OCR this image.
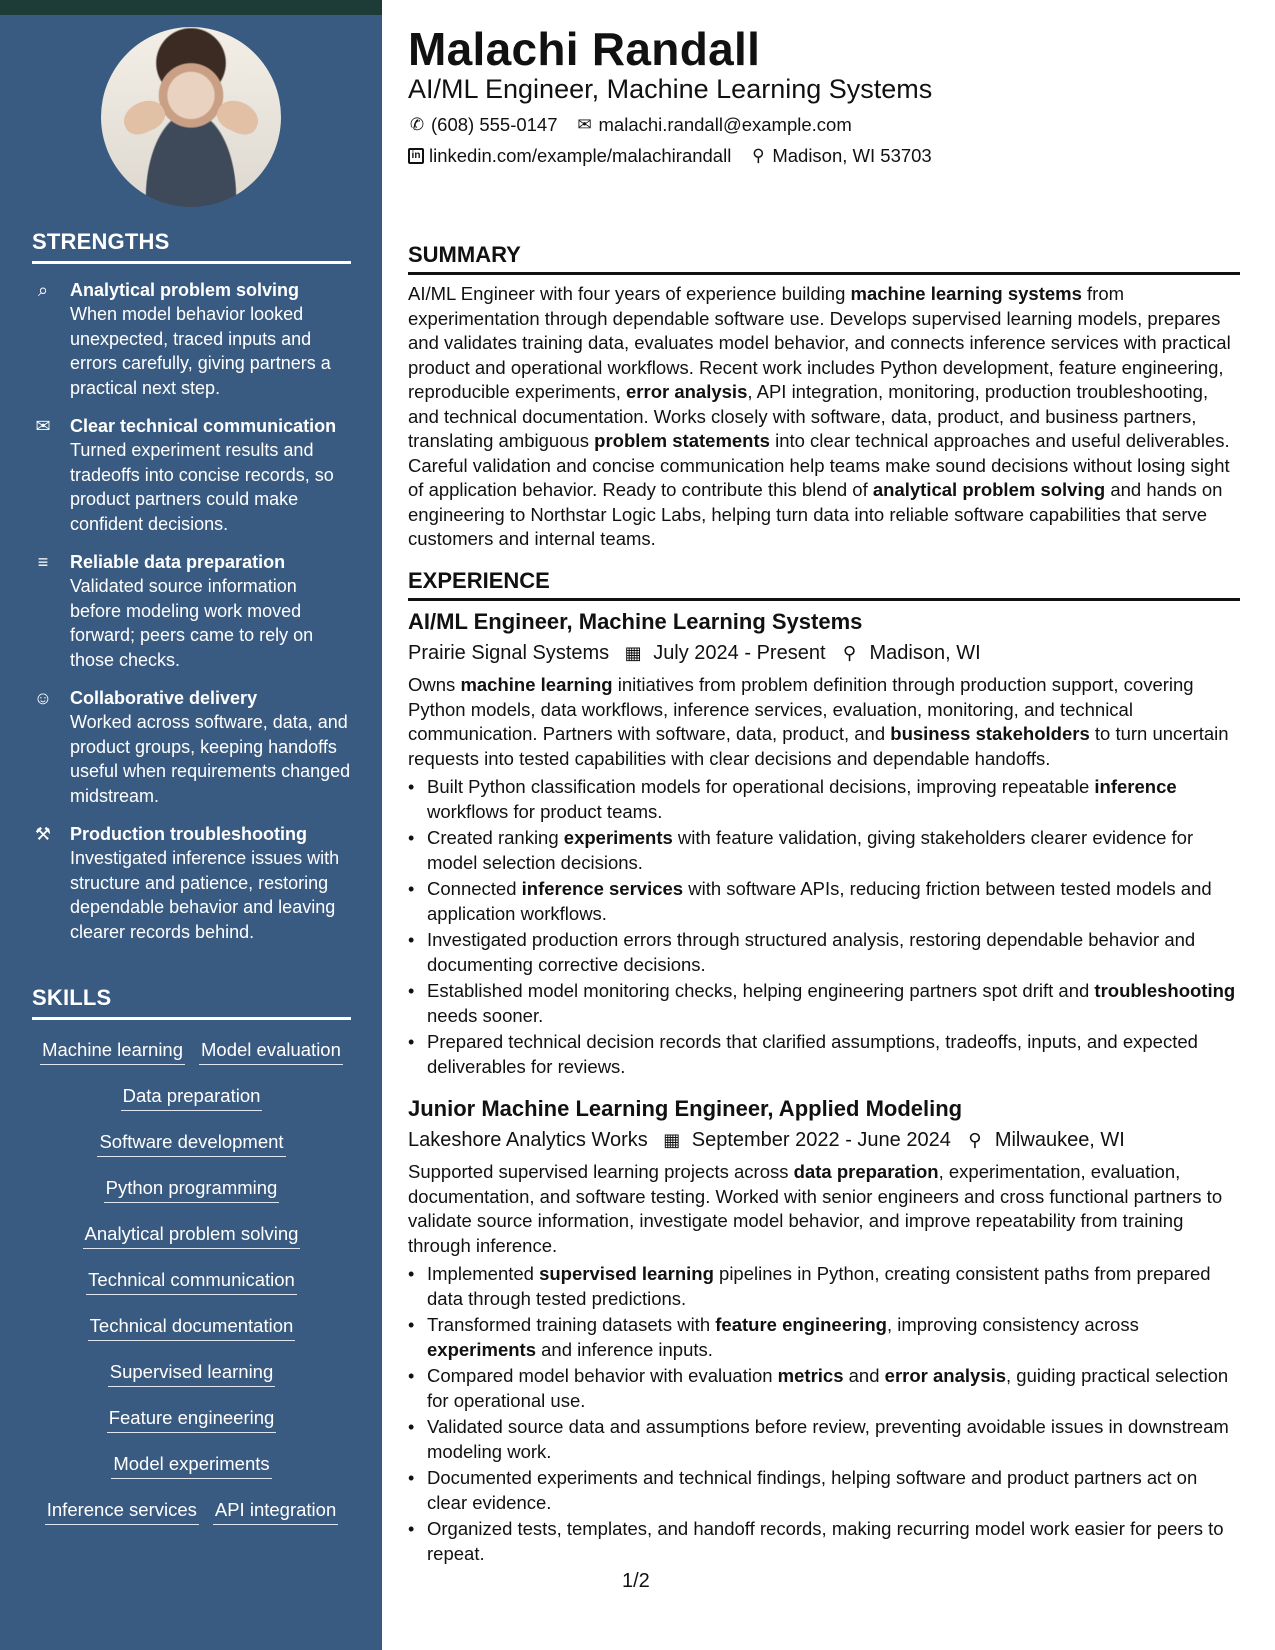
STRENGTHS
⌕	Analytical problem solving
When model behavior looked unexpected, traced inputs and errors carefully, giving partners a practical next step.
✉ Clear technical communication
Turned experiment results and tradeoffs into concise records, so product partners could make confident decisions.
≡	Reliable data preparation
Validated source information before modeling work moved forward; peers came to rely on those checks.
☺ Collaborative delivery
Worked across software, data, and product groups, keeping handoffs useful when requirements changed midstream.
⚒ Production troubleshooting
Investigated inference issues with structure and patience, restoring dependable behavior and leaving clearer records behind.
SKILLS
Machine learning Model evaluation
Data preparation
Software development
Python programming
Analytical problem solving
Technical communication
Technical documentation
Supervised learning
Feature engineering
Model experiments
Inference services API integration

Malachi Randall
AI/ML Engineer, Machine Learning Systems
✆ (608) 555-0147 ✉ malachi.randall@example.com
in linkedin.com/example/malachirandall ⚲ Madison, WI 53703
SUMMARY

AI/ML Engineer with four years of experience building machine learning systems from experimentation through dependable software use. Develops supervised learning models, prepares and validates training data, evaluates model behavior, and connects inference services with practical product and operational workflows. Recent work includes Python development, feature engineering, reproducible experiments, error analysis, API integration, monitoring, production troubleshooting, and technical documentation. Works closely with software, data, product, and business partners, translating ambiguous problem statements into clear technical approaches and useful deliverables. Careful validation and concise communication help teams make sound decisions without losing sight of application behavior. Ready to contribute this blend of analytical problem solving and hands on engineering to Northstar Logic Labs, helping turn data into reliable software capabilities that serve customers and internal teams.

EXPERIENCE
AI/ML Engineer, Machine Learning Systems
Prairie Signal Systems ▦ July 2024 - Present ⚲ Madison, WI

Owns machine learning initiatives from problem definition through production support, covering Python models, data workflows, inference services, evaluation, monitoring, and technical communication. Partners with software, data, product, and business stakeholders to turn uncertain requests into tested capabilities with clear decisions and dependable handoffs.

• Built Python classification models for operational decisions, improving repeatable inference workflows for product teams.
• Created ranking experiments with feature validation, giving stakeholders clearer evidence for model selection decisions.
• Connected inference services with software APIs, reducing friction between tested models and application workflows.
• Investigated production errors through structured analysis, restoring dependable behavior and documenting corrective decisions.
• Established model monitoring checks, helping engineering partners spot drift and troubleshooting needs sooner.
• Prepared technical decision records that clarified assumptions, tradeoffs, inputs, and expected deliverables for reviews.
Junior Machine Learning Engineer, Applied Modeling
Lakeshore Analytics Works ▦ September 2022 - June 2024 ⚲ Milwaukee, WI

Supported supervised learning projects across data preparation, experimentation, evaluation, documentation, and software testing. Worked with senior engineers and cross functional partners to validate source information, investigate model behavior, and improve repeatability from training through inference.

• Implemented supervised learning pipelines in Python, creating consistent paths from prepared data through tested predictions.
• Transformed training datasets with feature engineering, improving consistency across experiments and inference inputs.
• Compared model behavior with evaluation metrics and error analysis, guiding practical selection for operational use.
• Validated source data and assumptions before review, preventing avoidable issues in downstream modeling work.
• Documented experiments and technical findings, helping software and product partners act on clear evidence.
• Organized tests, templates, and handoff records, making recurring model work easier for peers to repeat.
1/2
